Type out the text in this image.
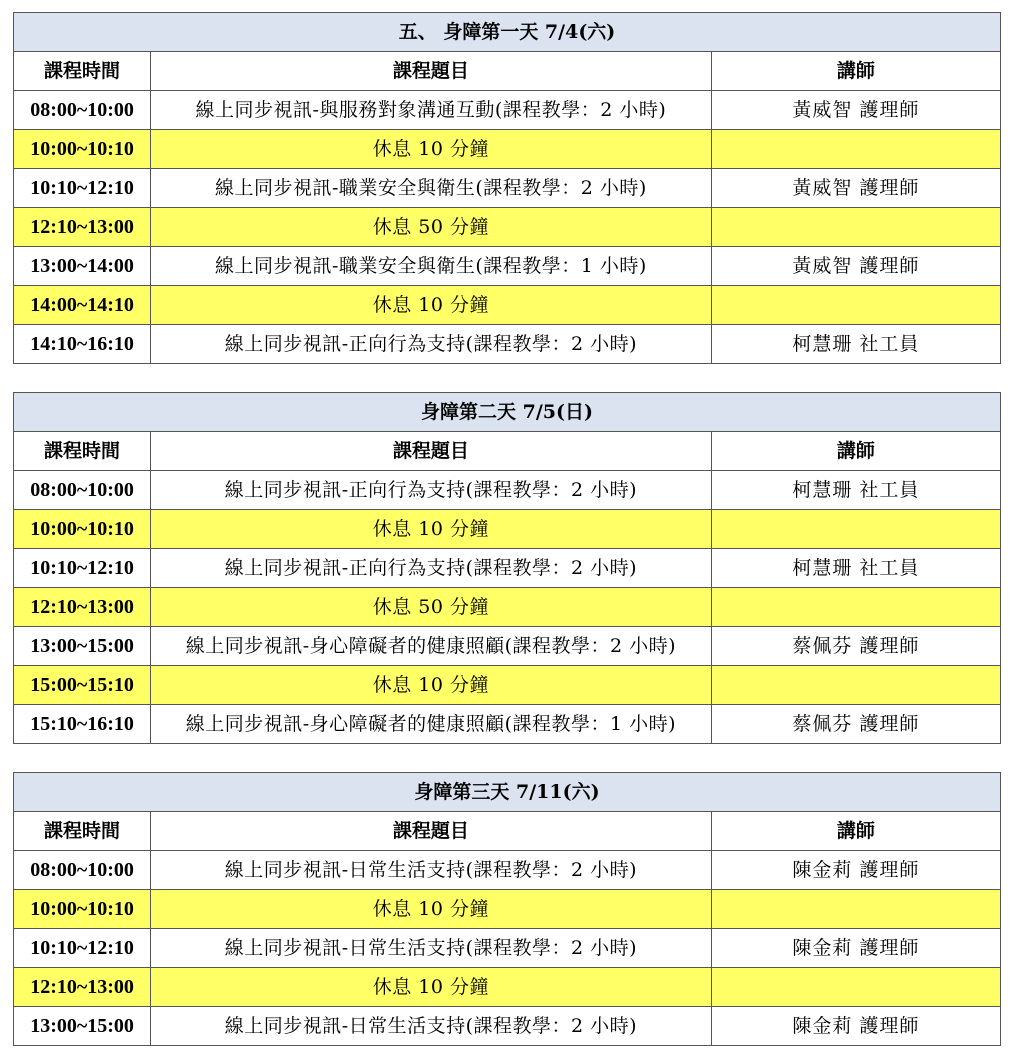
五、 身障第一天 7/4(六)		
課程時間	課程題目	講師
08:00~10:00	線上同步視訊-與服務對象溝通互動(課程教學：2 小時)	黃威智 護理師
10:00~10:10	休息 10 分鐘	
10:10~12:10	線上同步視訊-職業安全與衛生(課程教學：2 小時)	黃威智 護理師
12:10~13:00	休息 50 分鐘	
13:00~14:00	線上同步視訊-職業安全與衛生(課程教學：1 小時)	黃威智 護理師
14:00~14:10	休息 10 分鐘	
14:10~16:10	線上同步視訊-正向行為支持(課程教學：2 小時)	柯慧珊 社工員
身障第二天 7/5(日)		
課程時間	課程題目	講師
08:00~10:00	線上同步視訊-正向行為支持(課程教學：2 小時)	柯慧珊 社工員
10:00~10:10	休息 10 分鐘	
10:10~12:10	線上同步視訊-正向行為支持(課程教學：2 小時)	柯慧珊 社工員
12:10~13:00	休息 50 分鐘	
13:00~15:00	線上同步視訊-身心障礙者的健康照顧(課程教學：2 小時)	蔡佩芬 護理師
15:00~15:10	休息 10 分鐘	
15:10~16:10	線上同步視訊-身心障礙者的健康照顧(課程教學：1 小時)	蔡佩芬 護理師
身障第三天 7/11(六)		
課程時間	課程題目	講師
08:00~10:00	線上同步視訊-日常生活支持(課程教學：2 小時)	陳金莉 護理師
10:00~10:10	休息 10 分鐘	
10:10~12:10	線上同步視訊-日常生活支持(課程教學：2 小時)	陳金莉 護理師
12:10~13:00	休息 10 分鐘	
13:00~15:00	線上同步視訊-日常生活支持(課程教學：2 小時)	陳金莉 護理師
